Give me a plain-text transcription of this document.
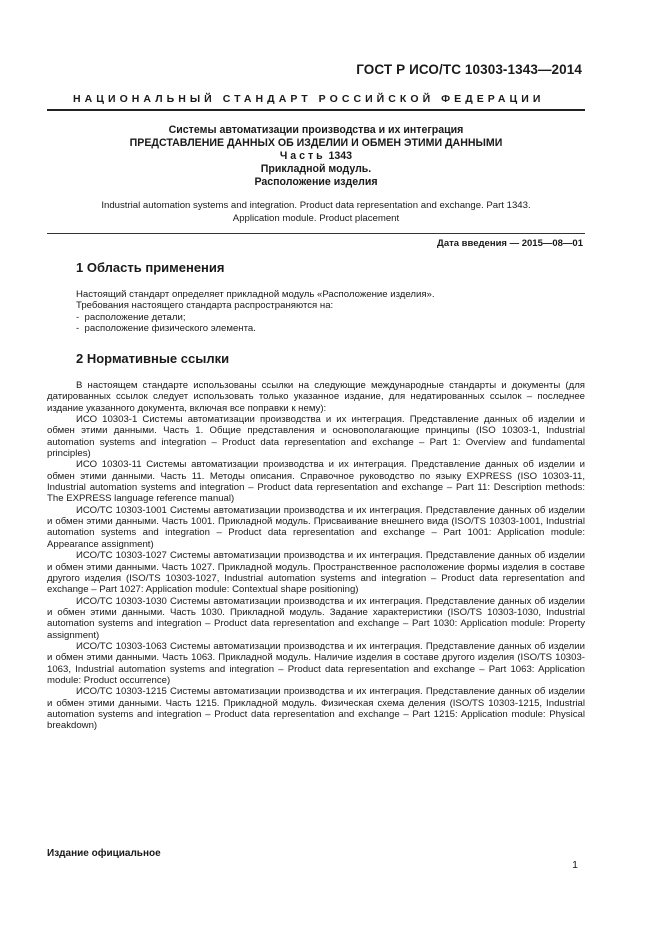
ГОСТ Р ИСО/ТС 10303-1343—2014
НАЦИОНАЛЬНЫЙ СТАНДАРТ РОССИЙСКОЙ ФЕДЕРАЦИИ
Системы автоматизации производства и их интеграция
ПРЕДСТАВЛЕНИЕ ДАННЫХ ОБ ИЗДЕЛИИ И ОБМЕН ЭТИМИ ДАННЫМИ
Ч а с т ь  1343
Прикладной модуль.
Расположение изделия
Industrial automation systems and integration. Product data representation and exchange. Part 1343.
Application module. Product placement
Дата введения — 2015—08—01
1 Область применения
Настоящий стандарт определяет прикладной модуль «Расположение изделия».
Требования настоящего стандарта распространяются на:
-  расположение детали;
-  расположение физического элемента.
2 Нормативные ссылки

В настоящем стандарте использованы ссылки на следующие международные стандарты и документы (для датированных ссылок следует использовать только указанное издание, для недатированных ссылок – последнее издание указанного документа, включая все поправки к нему):

ИСО 10303-1 Системы автоматизации производства и их интеграция. Представление данных об изделии и обмен этими данными. Часть 1. Общие представления и основополагающие принципы (ISO 10303-1, Industrial automation systems and integration – Product data representation and exchange – Part 1: Overview and fundamental principles)

ИСО 10303-11 Системы автоматизации производства и их интеграция. Представление данных об изделии и обмен этими данными. Часть 11. Методы описания. Справочное руководство по языку EXPRESS (ISO 10303-11, Industrial automation systems and integration – Product data representation and exchange – Part 11: Description methods: The EXPRESS language reference manual)

ИСО/ТС 10303-1001 Системы автоматизации производства и их интеграция. Представление данных об изделии и обмен этими данными. Часть 1001. Прикладной модуль. Присваивание внешнего вида (ISO/TS 10303-1001, Industrial automation systems and integration – Product data representation and exchange – Part 1001: Application module: Appearance assignment)

ИСО/ТС 10303-1027 Системы автоматизации производства и их интеграция. Представление данных об изделии и обмен этими данными. Часть 1027. Прикладной модуль. Пространственное расположение формы изделия в составе другого изделия (ISO/TS 10303-1027, Industrial automation systems and integration – Product data representation and exchange – Part 1027: Application module: Contextual shape positioning)

ИСО/ТС 10303-1030 Системы автоматизации производства и их интеграция. Представление данных об изделии и обмен этими данными. Часть 1030. Прикладной модуль. Задание характеристики (ISO/TS 10303-1030, Industrial automation systems and integration – Product data representation and exchange – Part 1030: Application module: Property assignment)

ИСО/ТС 10303-1063 Системы автоматизации производства и их интеграция. Представление данных об изделии и обмен этими данными. Часть 1063. Прикладной модуль. Наличие изделия в составе другого изделия (ISO/TS 10303-1063, Industrial automation systems and integration – Product data representation and exchange – Part 1063: Application module: Product occurrence)

ИСО/ТС 10303-1215 Системы автоматизации производства и их интеграция. Представление данных об изделии и обмен этими данными. Часть 1215. Прикладной модуль. Физическая схема деления (ISO/TS 10303-1215, Industrial automation systems and integration – Product data representation and exchange – Part 1215: Application module: Physical breakdown)

Издание официальное
1
